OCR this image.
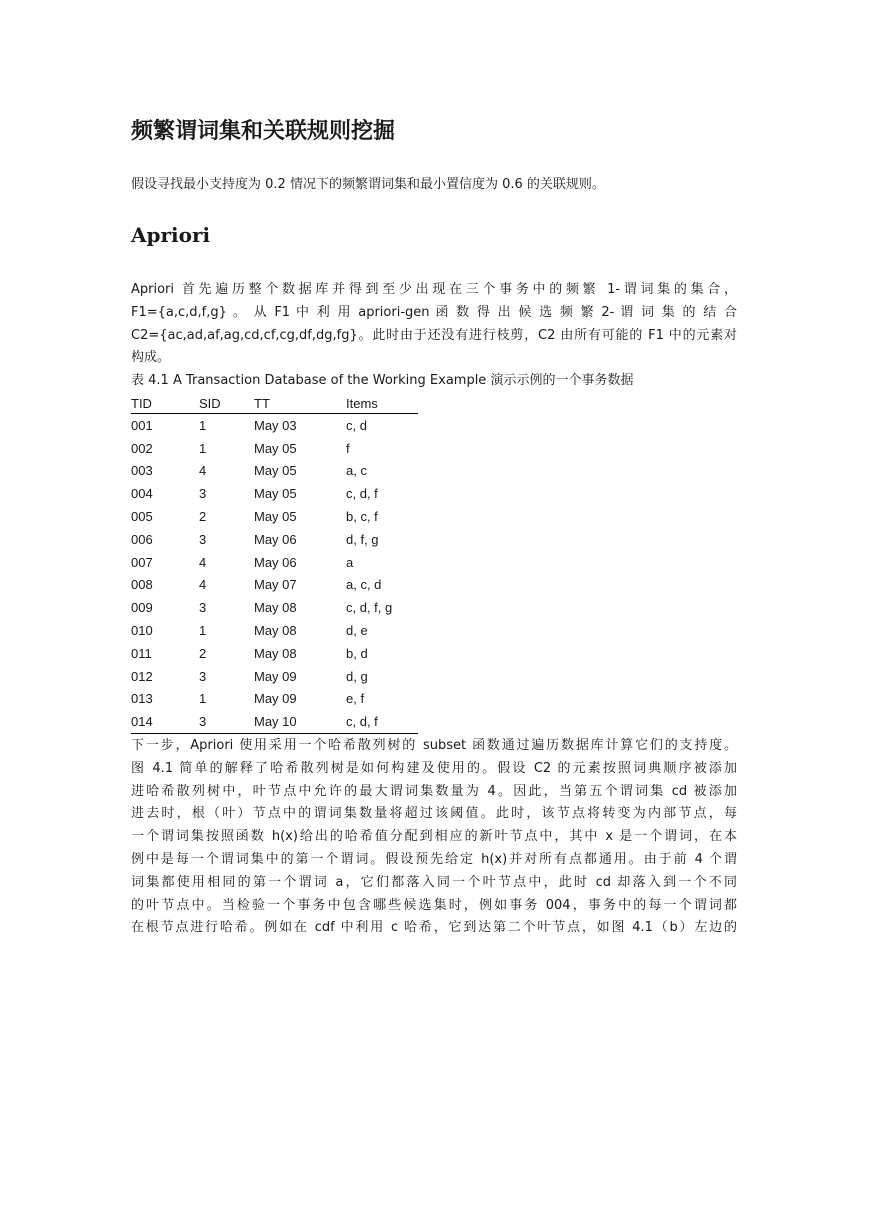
频繁谓词集和关联规则挖掘

假设寻找最小支持度为 0.2 情况下的频繁谓词集和最小置信度为 0.6 的关联规则。

Apriori
Apriori 首先遍历整个数据库并得到至少出现在三个事务中的频繁 1-谓词集的集合，
F1={a,c,d,f,g} 。 从 F1 中 利 用 apriori-gen 函 数 得 出 候 选 频 繁 2- 谓 词 集 的 结 合
C2={ac,ad,af,ag,cd,cf,cg,df,dg,fg}。此时由于还没有进行枝剪，C2 由所有可能的 F1 中的元素对
构成。

表 4.1 A Transaction Database of the Working Example 演示示例的一个事务数据

TID	SID	TT	Items
001	1	May 03	c, d
002	1	May 05	f
003	4	May 05	a, c
004	3	May 05	c, d, f
005	2	May 05	b, c, f
006	3	May 06	d, f, g
007	4	May 06	a
008	4	May 07	a, c, d
009	3	May 08	c, d, f, g
010	1	May 08	d, e
011	2	May 08	b, d
012	3	May 09	d, g
013	1	May 09	e, f
014	3	May 10	c, d, f
下一步，Apriori 使用采用一个哈希散列树的 subset 函数通过遍历数据库计算它们的支持度。
图 4.1 简单的解释了哈希散列树是如何构建及使用的。假设 C2 的元素按照词典顺序被添加
进哈希散列树中，叶节点中允许的最大谓词集数量为 4。因此，当第五个谓词集 cd 被添加
进去时，根（叶）节点中的谓词集数量将超过该阈值。此时，该节点将转变为内部节点，每
一个谓词集按照函数 h(x)给出的哈希值分配到相应的新叶节点中，其中 x 是一个谓词，在本
例中是每一个谓词集中的第一个谓词。假设预先给定 h(x)并对所有点都通用。由于前 4 个谓
词集都使用相同的第一个谓词 a，它们都落入同一个叶节点中，此时 cd 却落入到一个不同
的叶节点中。当检验一个事务中包含哪些候选集时，例如事务 004，事务中的每一个谓词都
在根节点进行哈希。例如在 cdf 中利用 c 哈希，它到达第二个叶节点，如图 4.1（b）左边的
